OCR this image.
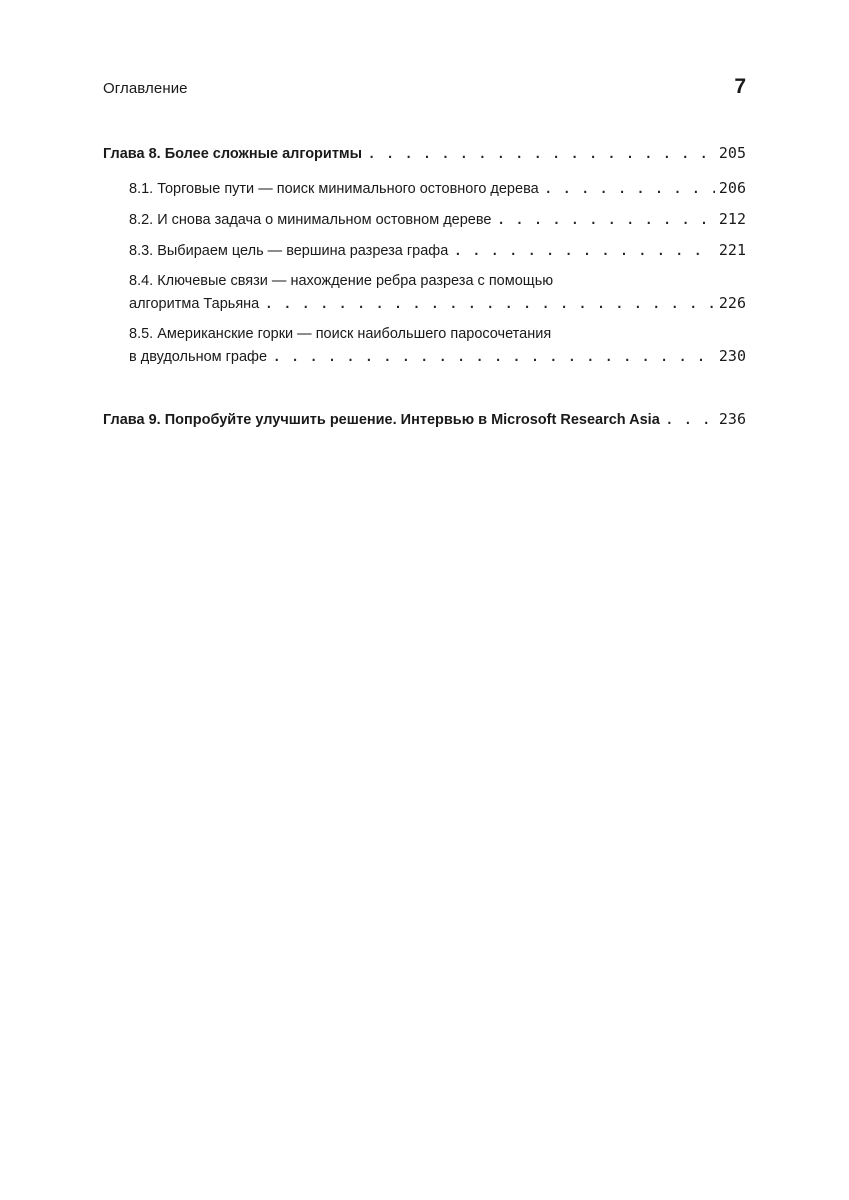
Оглавление	7
Глава 8. Более сложные алгоритмы . . .	205
8.1. Торговые пути — поиск минимального остовного дерева . . .	206
8.2. И снова задача о минимальном остовном дереве . . .	212
8.3. Выбираем цель — вершина разреза графа . . .	221
8.4. Ключевые связи — нахождение ребра разреза с помощью
алгоритма Тарьяна . . .	226
8.5. Американские горки — поиск наибольшего паросочетания
в двудольном графе . . .	230
Глава 9. Попробуйте улучшить решение. Интервью в Microsoft Research Asia . . .	236
